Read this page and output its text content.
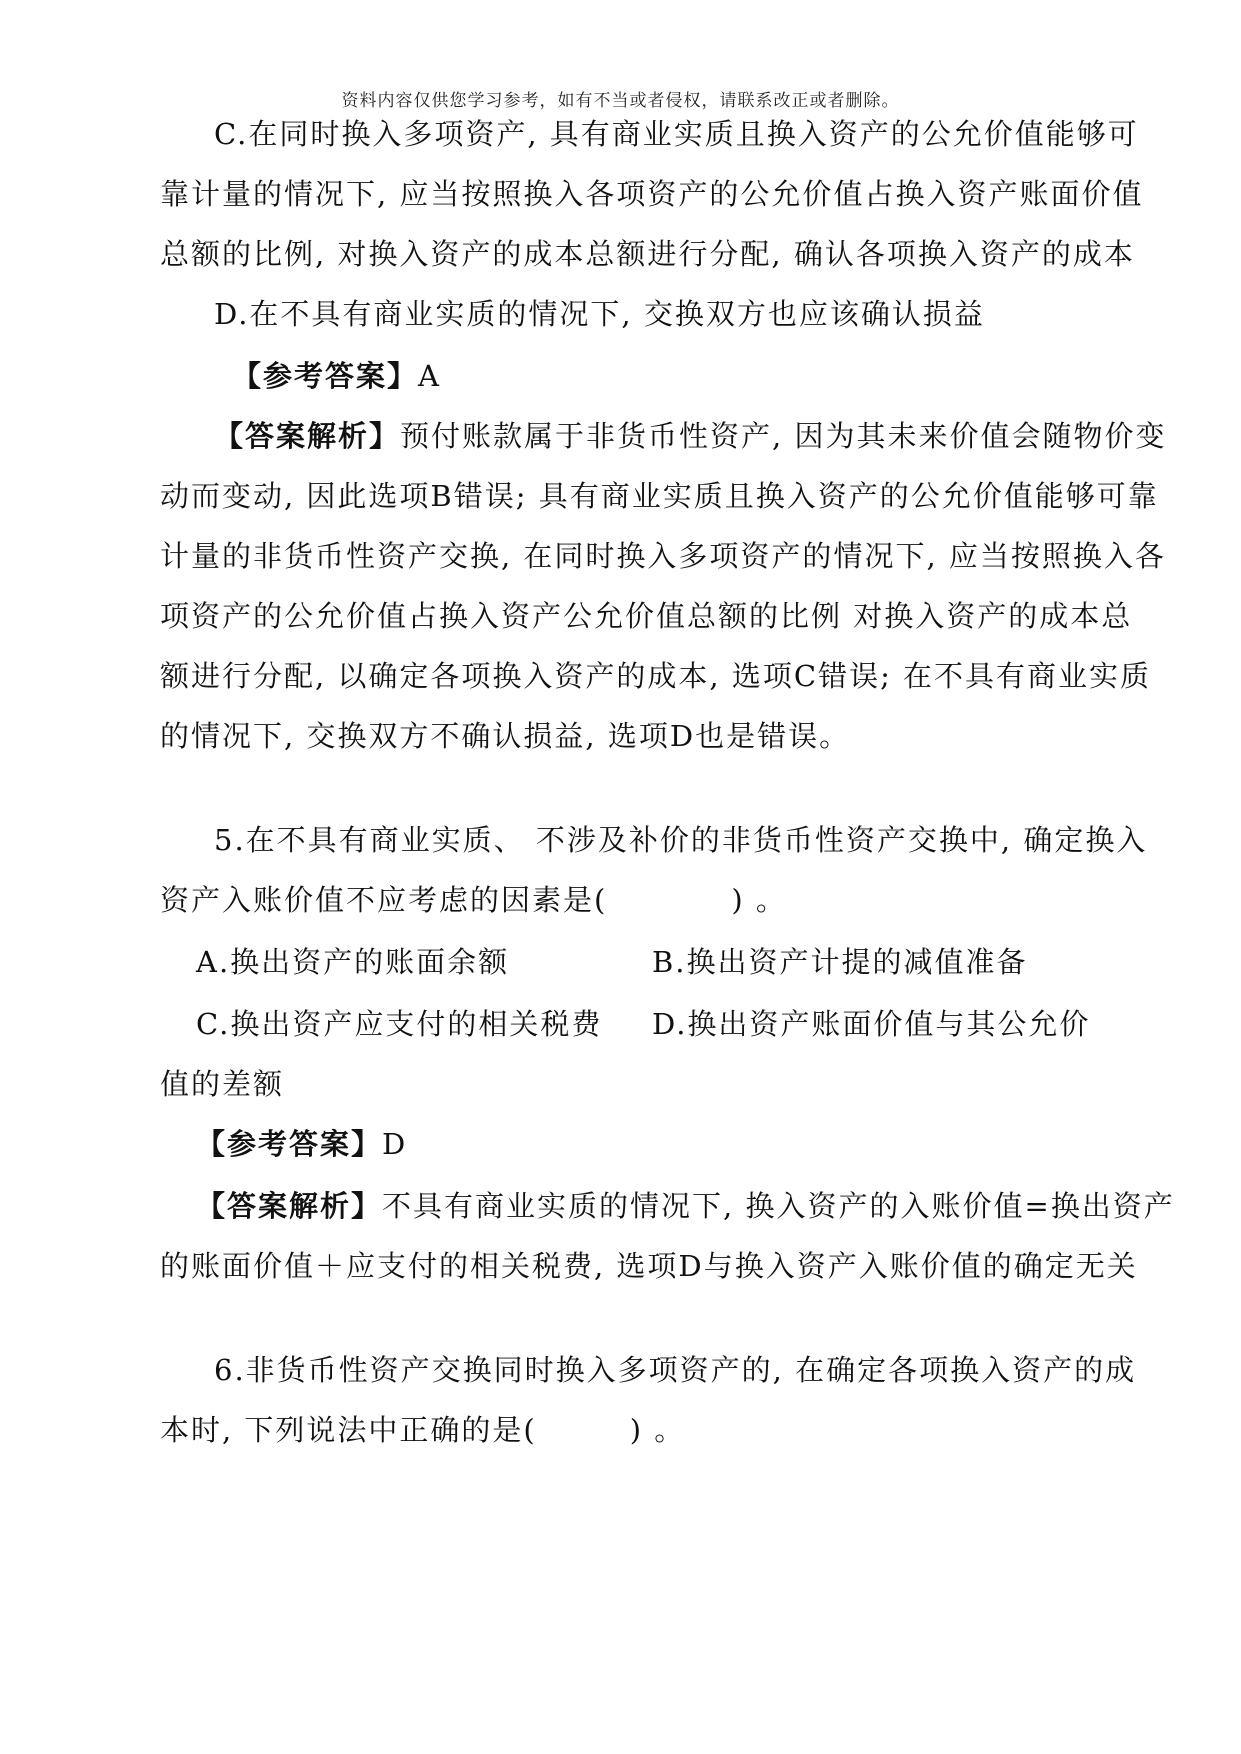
资料内容仅供您学习参考，如有不当或者侵权，请联系改正或者删除。
C.在同时换入多项资产, 具有商业实质且换入资产的公允价值能够可
靠计量的情况下, 应当按照换入各项资产的公允价值占换入资产账面价值
总额的比例, 对换入资产的成本总额进行分配, 确认各项换入资产的成本
D.在不具有商业实质的情况下, 交换双方也应该确认损益
【参考答案】A
【答案解析】预付账款属于非货币性资产, 因为其未来价值会随物价变
动而变动, 因此选项B错误; 具有商业实质且换入资产的公允价值能够可靠
计量的非货币性资产交换, 在同时换入多项资产的情况下, 应当按照换入各
项资产的公允价值占换入资产公允价值总额的比例 对换入资产的成本总
额进行分配, 以确定各项换入资产的成本, 选项C错误; 在不具有商业实质
的情况下, 交换双方不确认损益, 选项D也是错误。
5.在不具有商业实质、 不涉及补价的非货币性资产交换中, 确定换入
资产入账价值不应考虑的因素是(　　　　) 。
A.换出资产的账面余额	B.换出资产计提的减值准备
C.换出资产应支付的相关税费 D.换出资产账面价值与其公允价
值的差额
【参考答案】D
【答案解析】不具有商业实质的情况下, 换入资产的入账价值=换出资产
的账面价值＋应支付的相关税费, 选项D与换入资产入账价值的确定无关
6.非货币性资产交换同时换入多项资产的, 在确定各项换入资产的成
本时, 下列说法中正确的是(　　　) 。
